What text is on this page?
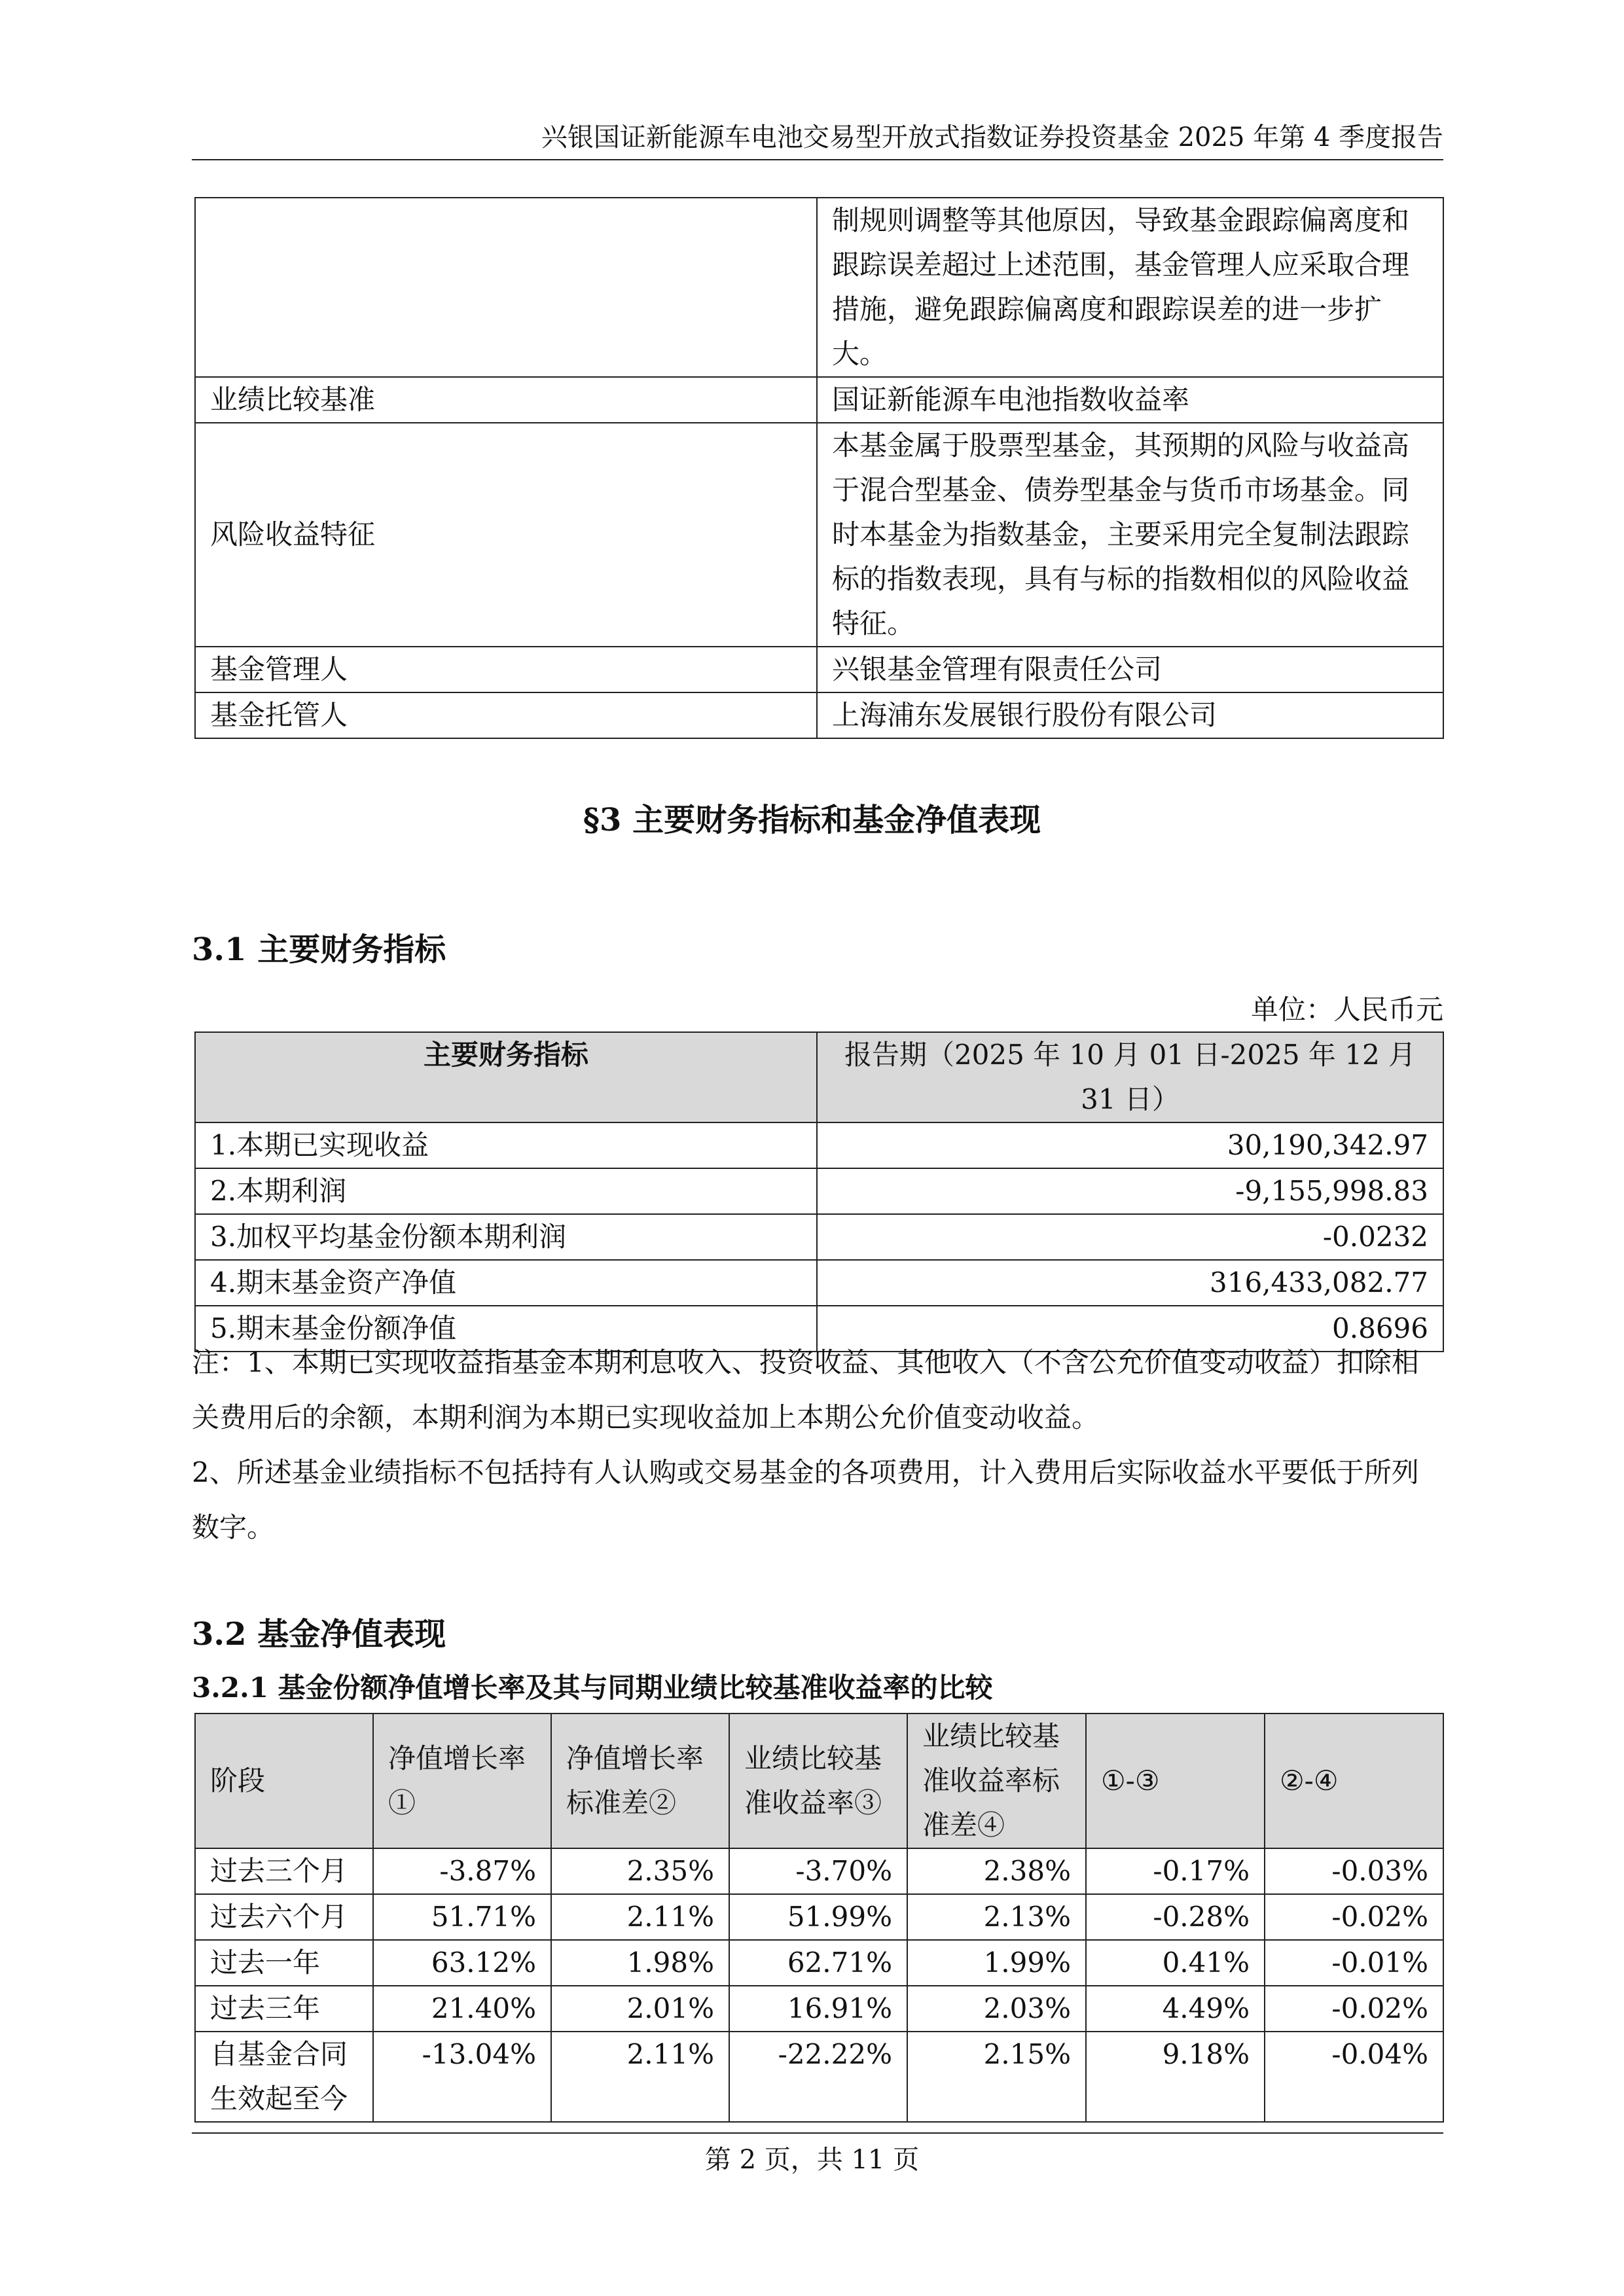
兴银国证新能源车电池交易型开放式指数证券投资基金 2025 年第 4 季度报告
	制规则调整等其他原因，导致基金跟踪偏离度和跟踪误差超过上述范围，基金管理人应采取合理措施，避免跟踪偏离度和跟踪误差的进一步扩大。
业绩比较基准	国证新能源车电池指数收益率
风险收益特征	本基金属于股票型基金，其预期的风险与收益高于混合型基金、债券型基金与货币市场基金。同时本基金为指数基金，主要采用完全复制法跟踪标的指数表现，具有与标的指数相似的风险收益特征。
基金管理人	兴银基金管理有限责任公司
基金托管人	上海浦东发展银行股份有限公司
§3 主要财务指标和基金净值表现
3.1 主要财务指标
单位：人民币元
主要财务指标	报告期（2025 年 10 月 01 日-2025 年 12 月 31 日）
1.本期已实现收益	30,190,342.97
2.本期利润	-9,155,998.83
3.加权平均基金份额本期利润	-0.0232
4.期末基金资产净值	316,433,082.77
5.期末基金份额净值	0.8696
注：1、本期已实现收益指基金本期利息收入、投资收益、其他收入（不含公允价值变动收益）扣除相关费用后的余额，本期利润为本期已实现收益加上本期公允价值变动收益。
2、所述基金业绩指标不包括持有人认购或交易基金的各项费用，计入费用后实际收益水平要低于所列数字。
3.2 基金净值表现
3.2.1 基金份额净值增长率及其与同期业绩比较基准收益率的比较
阶段	净值增长率①	净值增长率标准差②	业绩比较基准收益率③	业绩比较基准收益率标准差④	①-③	②-④
过去三个月	-3.87%	2.35%	-3.70%	2.38%	-0.17%	-0.03%
过去六个月	51.71%	2.11%	51.99%	2.13%	-0.28%	-0.02%
过去一年	63.12%	1.98%	62.71%	1.99%	0.41%	-0.01%
过去三年	21.40%	2.01%	16.91%	2.03%	4.49%	-0.02%
自基金合同生效起至今	-13.04%	2.11%	-22.22%	2.15%	9.18%	-0.04%
第 2 页，共 11 页
